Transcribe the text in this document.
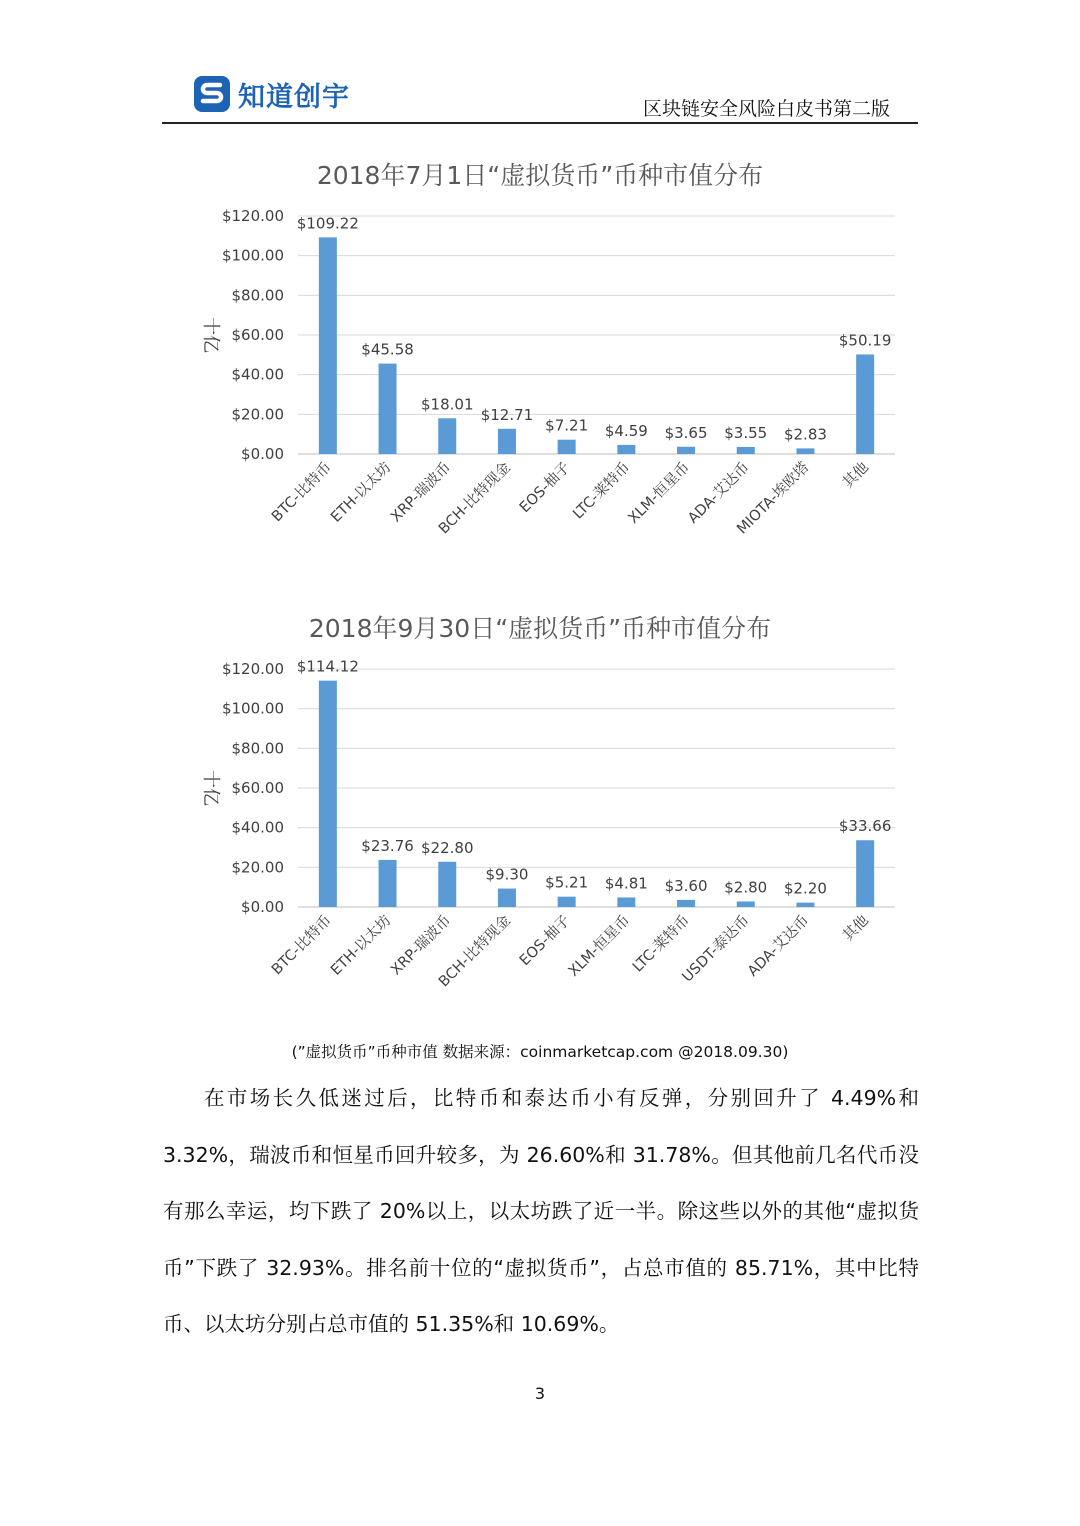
知道创宇	区块链安全风险白皮书第二版
2018年7月1日“虚拟货币”币种市值分布
$0.00
$20.00
$40.00
$60.00
$80.00
$100.00
$120.00
十亿
$109.22
BTC-比特币
$45.58
ETH-以太坊
$18.01
XRP-瑞波币
$12.71
BCH-比特现金
$7.21
EOS-柚子
$4.59
LTC-莱特币
$3.65
XLM-恒星币
$3.55
ADA-艾达币
$2.83
MIOTA-埃欧塔
$50.19
其他
2018年9月30日“虚拟货币”币种市值分布
$0.00
$20.00
$40.00
$60.00
$80.00
$100.00
$120.00
十亿
$114.12
BTC-比特币
$23.76
ETH-以太坊
$22.80
XRP-瑞波币
$9.30
BCH-比特现金
$5.21
EOS-柚子
$4.81
XLM-恒星币
$3.60
LTC-莱特币
$2.80
USDT-泰达币
$2.20
ADA-艾达币
$33.66
其他
(”虚拟货币”币种市值 数据来源：coinmarketcap.com @2018.09.30)

在市场长久低迷过后，比特币和泰达币小有反弹，分别回升了 4.49%和 3.32%，瑞波币和恒星币回升较多，为 26.60%和 31.78%。但其他前几名代币没有那么幸运，均下跌了 20%以上，以太坊跌了近一半。除这些以外的其他“虚拟货币”下跌了 32.93%。排名前十位的“虚拟货币”，占总市值的 85.71%，其中比特币、以太坊分别占总市值的 51.35%和 10.69%。

3
